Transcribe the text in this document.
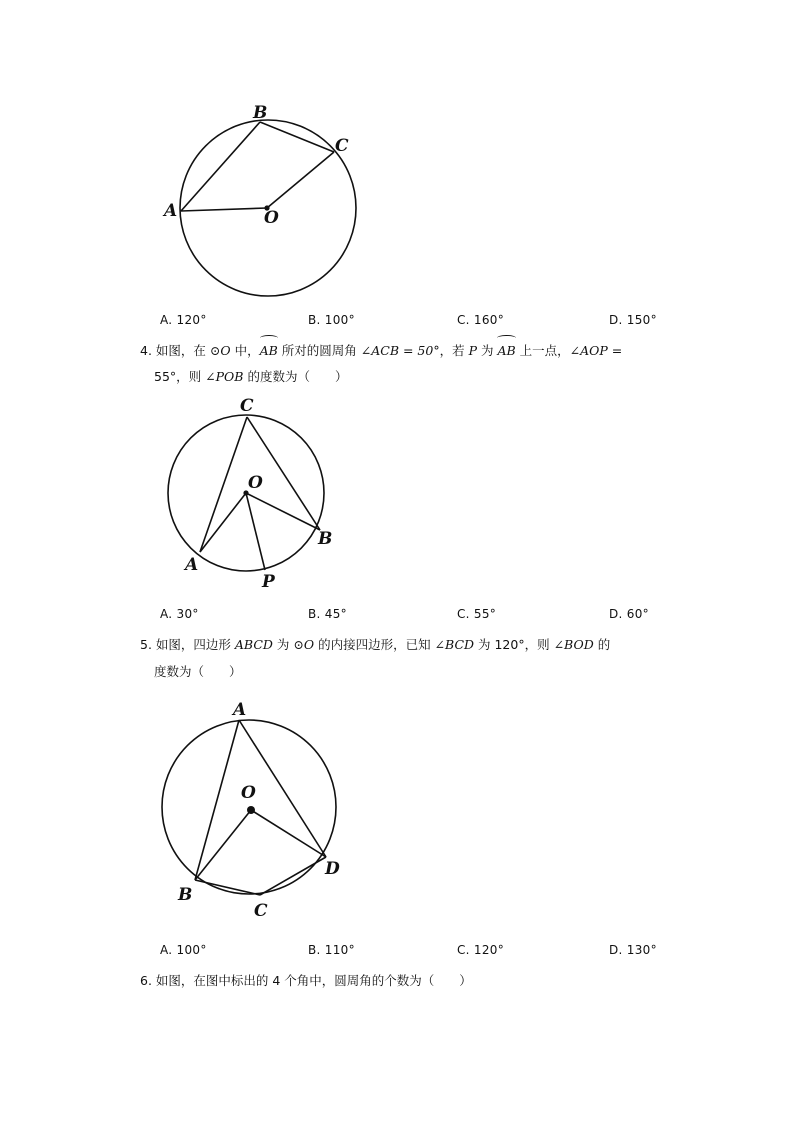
B
C
A	O
A. 120°	B. 100°	C. 160°	D. 150°
4. 如图，在 ⊙O 中，AB 所对的圆周角 ∠ACB = 50°，若 P 为 AB 上一点，∠AOP =
55°，则 ∠POB 的度数为（　　）
C
O
B
A
P
A. 30°	B. 45°	C. 55°	D. 60°
5. 如图，四边形 ABCD 为 ⊙O 的内接四边形，已知 ∠BCD 为 120°，则 ∠BOD 的
度数为（　　）
A
O
D
B
C
A. 100°	B. 110°	C. 120°	D. 130°
6. 如图，在图中标出的 4 个角中，圆周角的个数为（　　）
